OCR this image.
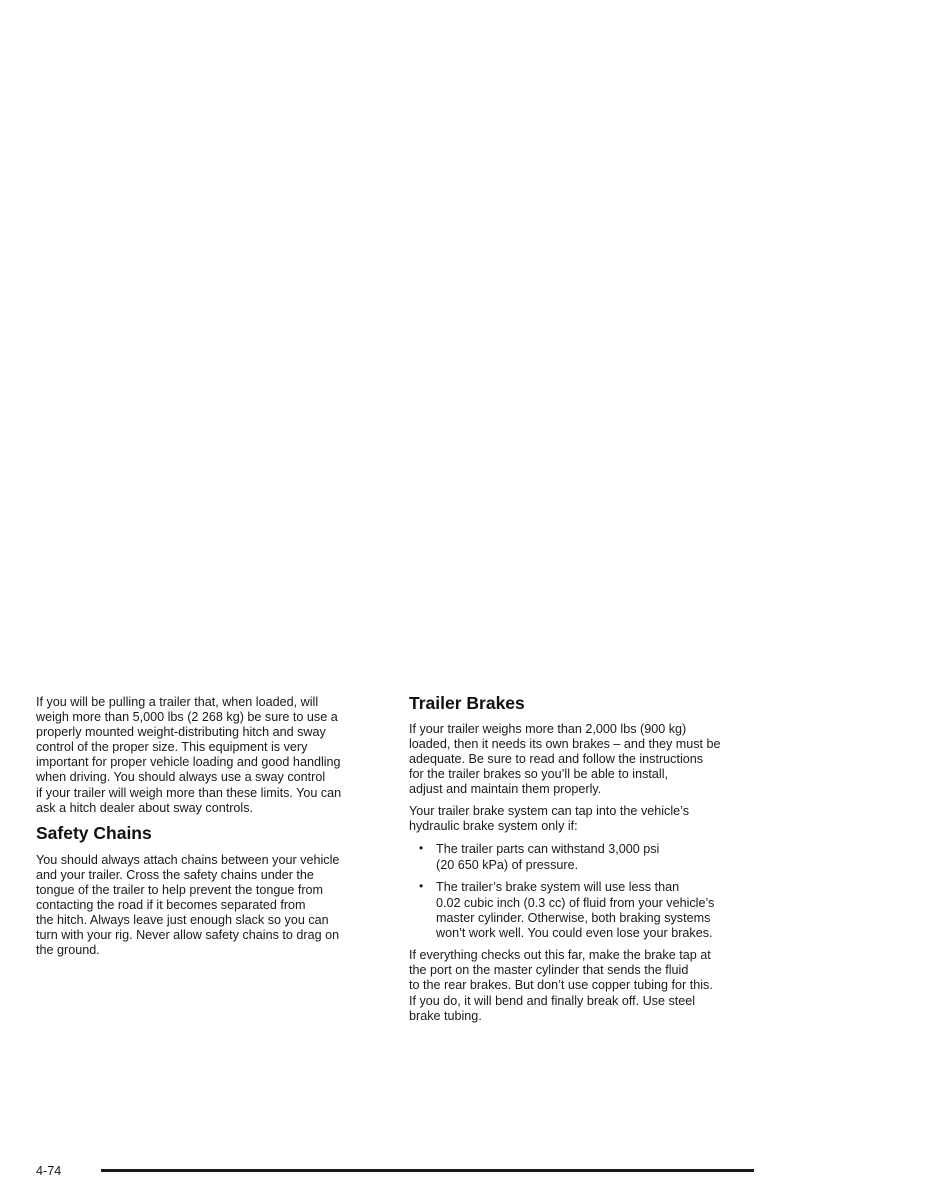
If you will be pulling a trailer that, when loaded, will
weigh more than 5,000 lbs (2 268 kg) be sure to use a
properly mounted weight-distributing hitch and sway
control of the proper size. This equipment is very
important for proper vehicle loading and good handling
when driving. You should always use a sway control
if your trailer will weigh more than these limits. You can
ask a hitch dealer about sway controls.
Safety Chains
You should always attach chains between your vehicle
and your trailer. Cross the safety chains under the
tongue of the trailer to help prevent the tongue from
contacting the road if it becomes separated from
the hitch. Always leave just enough slack so you can
turn with your rig. Never allow safety chains to drag on
the ground.
Trailer Brakes
If your trailer weighs more than 2,000 lbs (900 kg)
loaded, then it needs its own brakes – and they must be
adequate. Be sure to read and follow the instructions
for the trailer brakes so you’ll be able to install,
adjust and maintain them properly.
Your trailer brake system can tap into the vehicle’s
hydraulic brake system only if:
• The trailer parts can withstand 3,000 psi
(20 650 kPa) of pressure.
• The trailer’s brake system will use less than
0.02 cubic inch (0.3 cc) of fluid from your vehicle’s
master cylinder. Otherwise, both braking systems
won’t work well. You could even lose your brakes.
If everything checks out this far, make the brake tap at
the port on the master cylinder that sends the fluid
to the rear brakes. But don’t use copper tubing for this.
If you do, it will bend and finally break off. Use steel
brake tubing.
4-74
